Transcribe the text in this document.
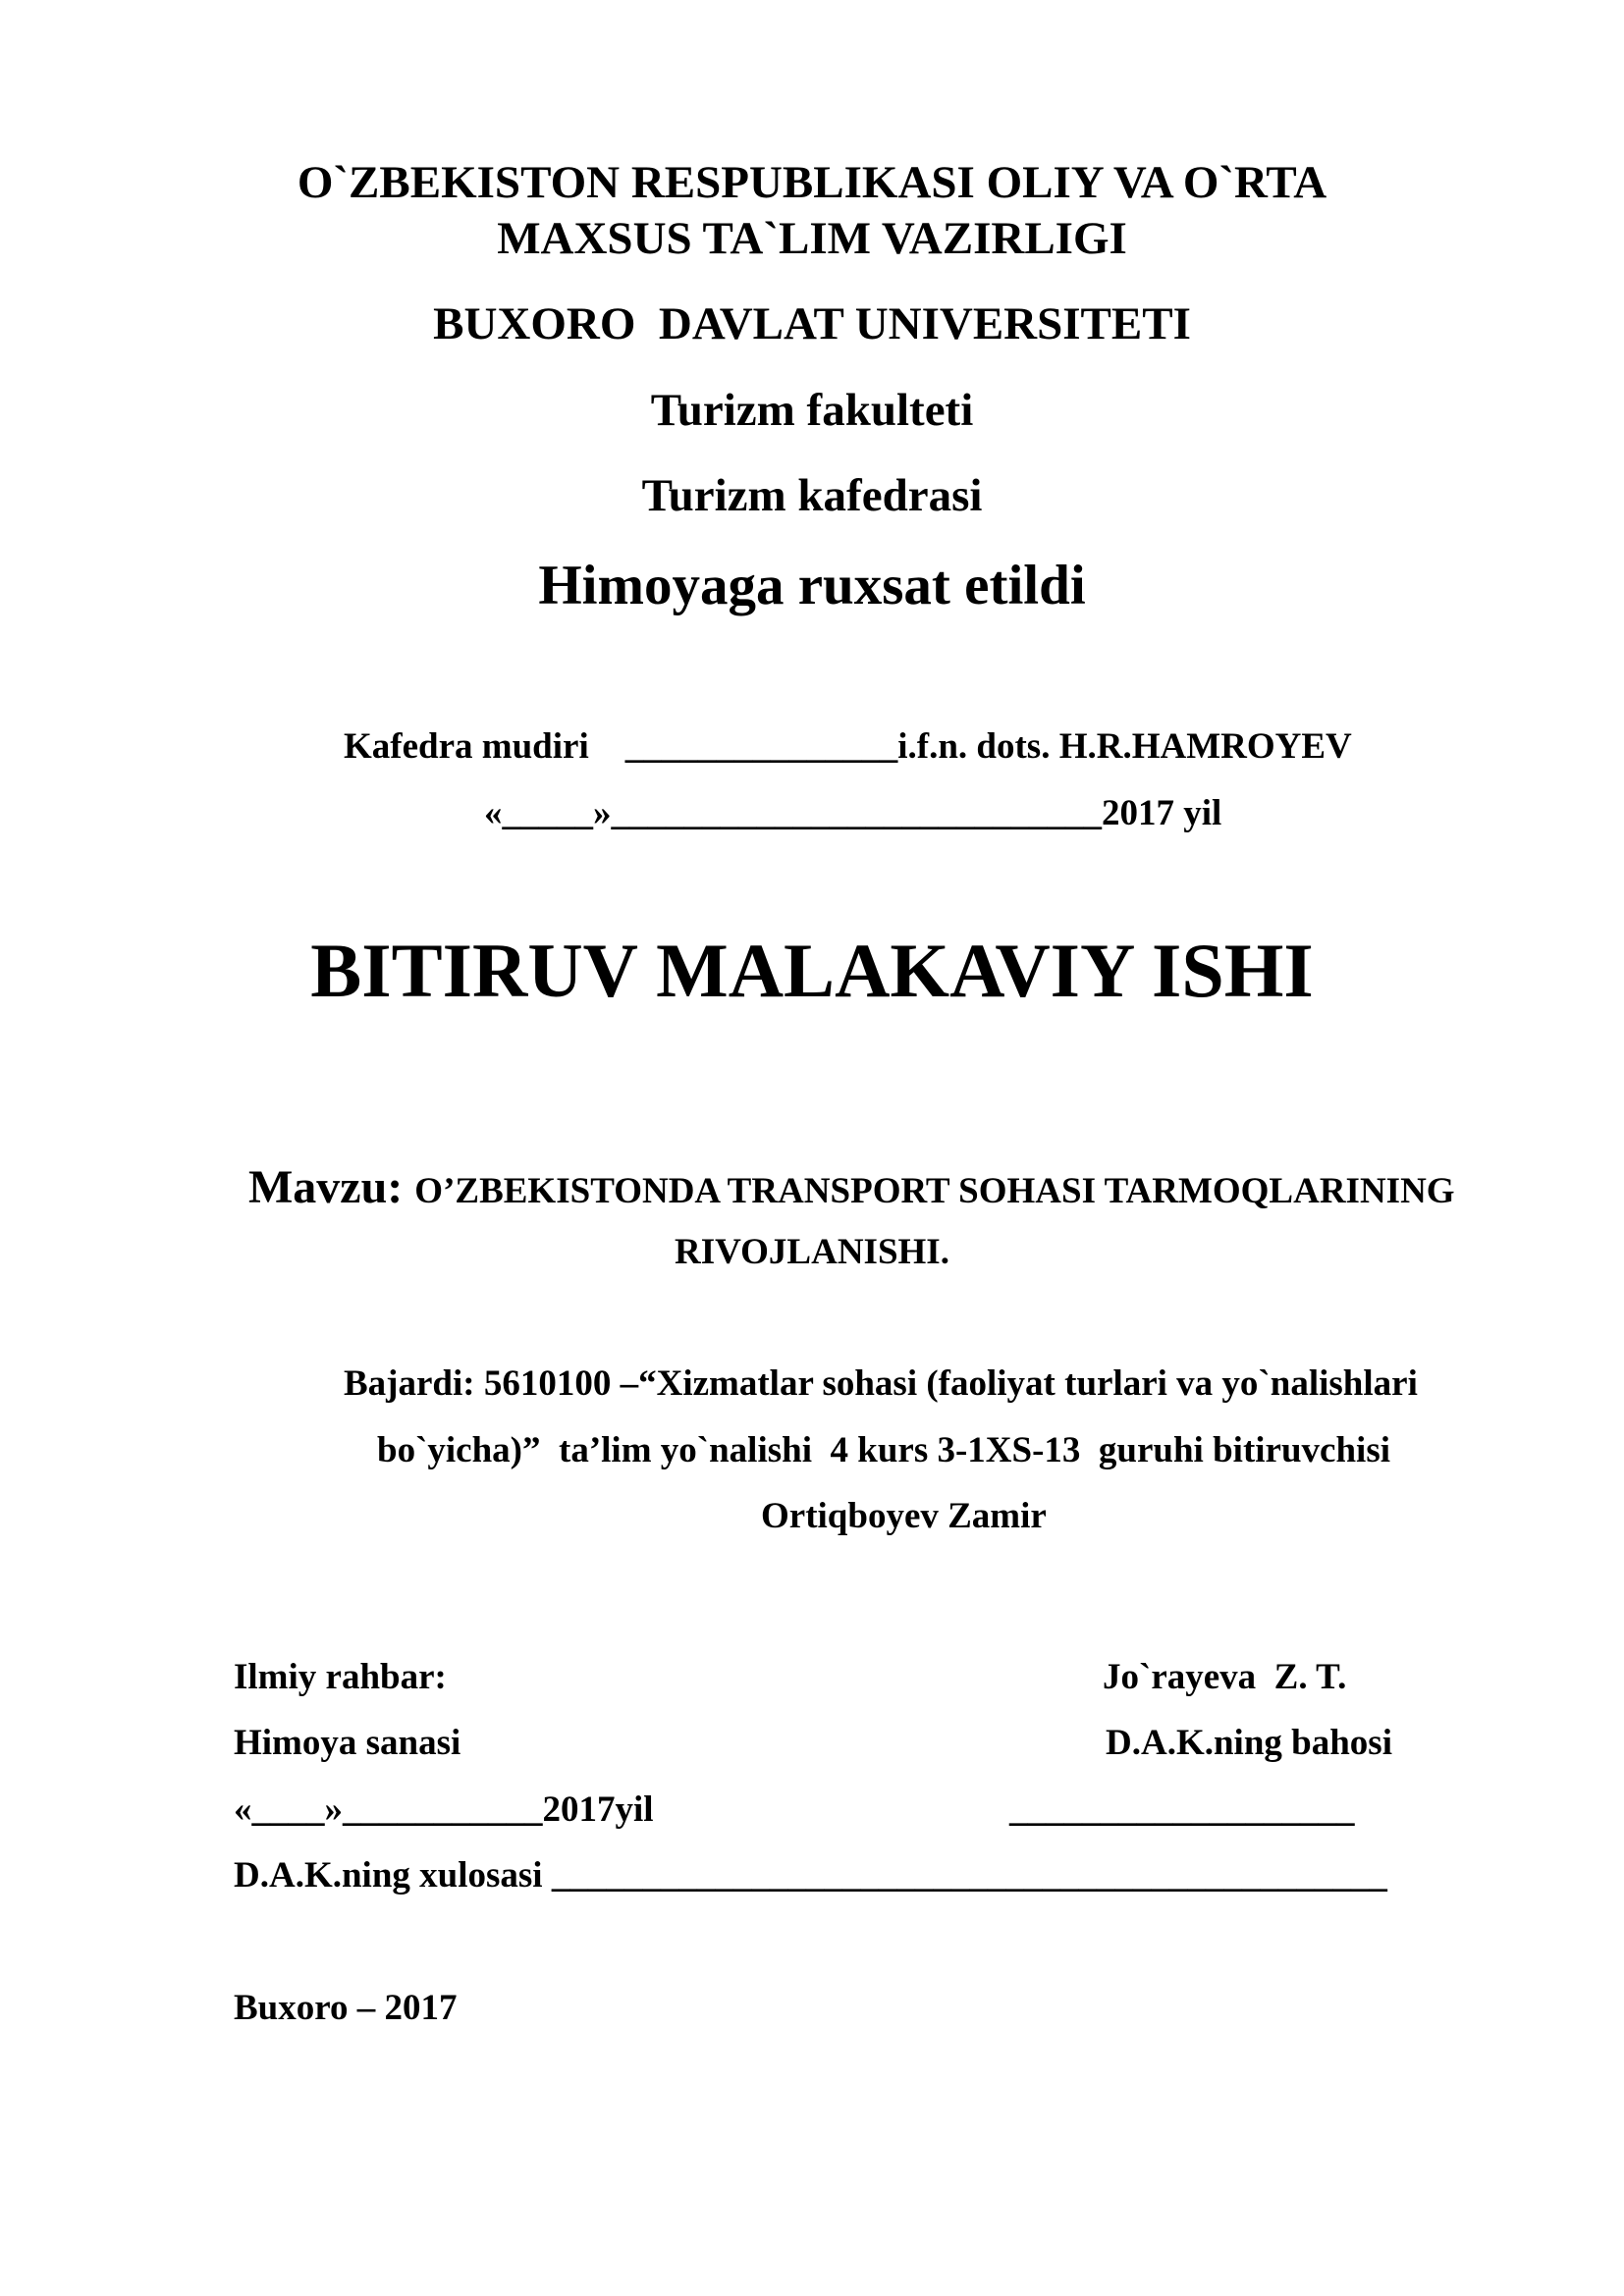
O`ZBEKISTON RESPUBLIKASI OLIY VA O`RTA
MAXSUS TA`LIM VAZIRLIGI
BUXORO  DAVLAT UNIVERSITETI
Turizm fakulteti
Turizm kafedrasi
Himoyaga ruxsat etildi
Kafedra mudiri    _______________i.f.n. dots. H.R.HAMROYEV
«_____»___________________________2017 yil
BITIRUV MALAKAVIY ISHI

Mavzu: O’ZBEKISTONDA TRANSPORT SOHASI TARMOQLARINING

RIVOJLANISHI.
Bajardi: 5610100 –“Xizmatlar sohasi (faoliyat turlari va yo`nalishlari
bo`yicha)”  ta’lim yo`nalishi  4 kurs 3-1XS-13  guruhi bitiruvchisi
Ortiqboyev Zamir
Ilmiy rahbar:	Jo`rayeva  Z. T.
Himoya sanasi	D.A.K.ning bahosi
«____»___________2017yil	___________________
D.A.K.ning xulosasi ______________________________________________
Buxoro – 2017
